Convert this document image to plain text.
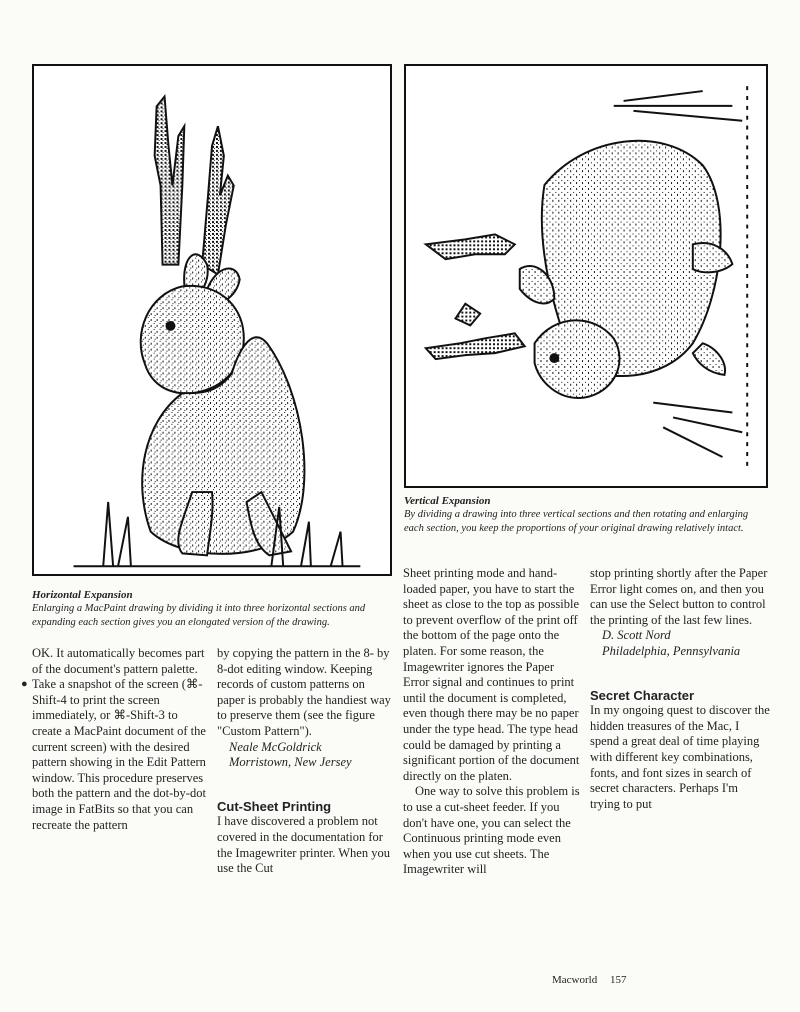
Vertical Expansion
By dividing a drawing into three vertical sections and then rotating and enlarging each section, you keep the proportions of your original drawing relatively intact.
Horizontal Expansion
Enlarging a MacPaint drawing by dividing it into three horizontal sections and expanding each section gives you an elongated version of the drawing.

OK. It automatically becomes part of the document's pattern palette.

● Take a snapshot of the screen (⌘-Shift-4 to print the screen immediately, or ⌘-Shift-3 to create a MacPaint document of the current screen) with the desired pattern showing in the Edit Pattern window. This procedure preserves both the pattern and the dot-by-dot image in FatBits so that you can recreate the pattern

by copying the pattern in the 8- by 8-dot editing window. Keeping records of custom patterns on paper is probably the handiest way to preserve them (see the figure "Custom Pattern").

Neale McGoldrick

Morristown, New Jersey

Cut-Sheet Printing

I have discovered a problem not covered in the documentation for the Imagewriter printer. When you use the Cut

Sheet printing mode and hand-loaded paper, you have to start the sheet as close to the top as possible to prevent overflow of the print off the bottom of the page onto the platen. For some reason, the Imagewriter ignores the Paper Error signal and continues to print until the document is completed, even though there may be no paper under the type head. The type head could be damaged by printing a significant portion of the document directly on the platen.

One way to solve this problem is to use a cut-sheet feeder. If you don't have one, you can select the Continuous printing mode even when you use cut sheets. The Imagewriter will

stop printing shortly after the Paper Error light comes on, and then you can use the Select button to control the printing of the last few lines.

D. Scott Nord

Philadelphia, Pennsylvania

Secret Character

In my ongoing quest to discover the hidden treasures of the Mac, I spend a great deal of time playing with different key combinations, fonts, and font sizes in search of secret characters. Perhaps I'm trying to put

Macworld 157
